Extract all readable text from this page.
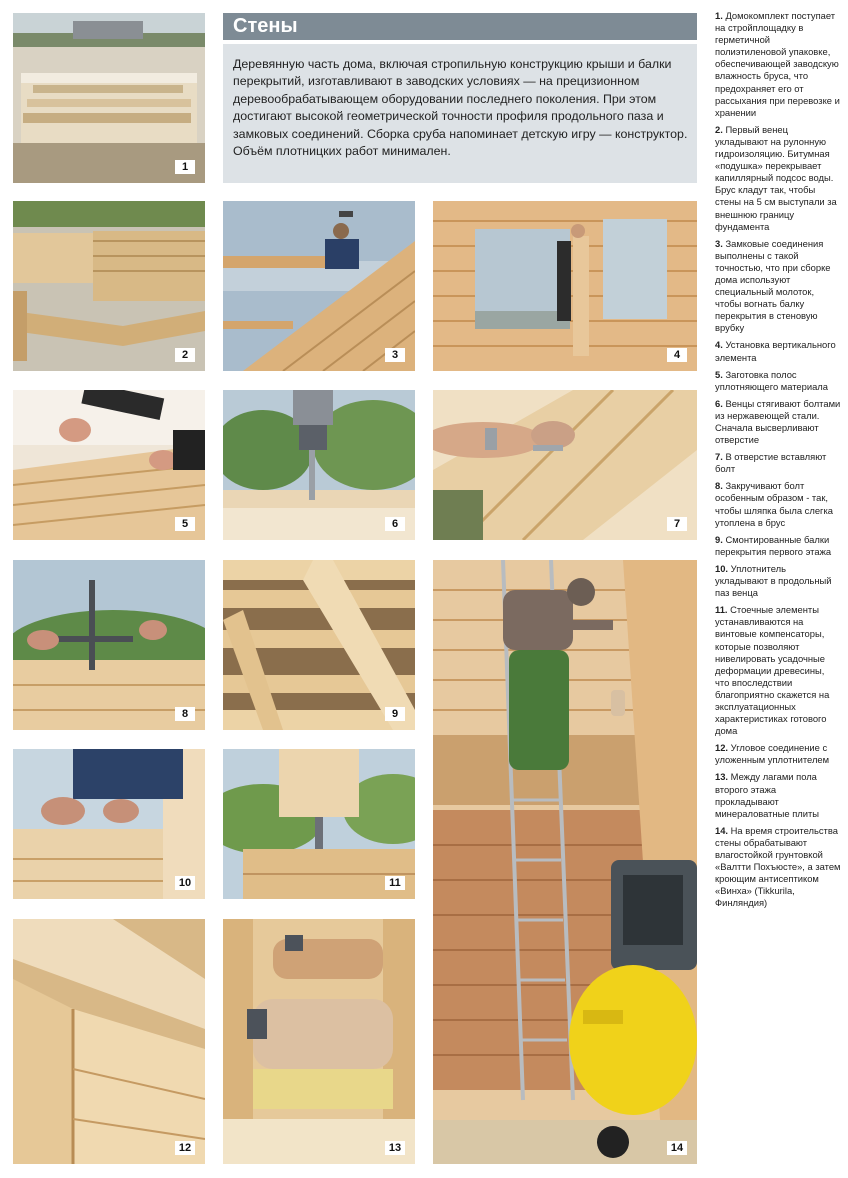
Стены
Деревянную часть дома, включая стропильную конструкцию крыши и балки перекрытий, изготавливают в заводских условиях — на прецизионном деревообрабатывающем оборудовании последнего поколения. При этом достигают высокой геометрической точности профиля продольного паза и замковых соединений. Сборка сруба напоминает детскую игру — конструктор. Объём плотницких работ минимален.
1
2	3	4
5	6	7
8	9
10	11
12	13	14

1. Домокомплект поступает на стройплощадку в герметичной полиэтиленовой упаковке, обеспечивающей заводскую влажность бруса, что предохраняет его от рассыхания при перевозке и хранении

2. Первый венец укладывают на рулонную гидроизоляцию. Битумная «подушка» перекрывает капиллярный подсос воды. Брус кладут так, чтобы стены на 5 см выступали за внешнюю границу фундамента

3. Замковые соединения выполнены с такой точностью, что при сборке дома используют специальный молоток, чтобы вогнать балку перекрытия в стеновую врубку

4. Установка вертикального элемента

5. Заготовка полос уплотняющего материала

6. Венцы стягивают болтами из нержавеющей стали. Сначала высверливают отверстие

7. В отверстие вставляют болт

8. Закручивают болт особенным образом - так, чтобы шляпка была слегка утоплена в брус

9. Смонтированные балки перекрытия первого этажа

10. Уплотнитель укладывают в продольный паз венца

11. Стоечные элементы устанавливаются на винтовые компенсаторы, которые позволяют нивелировать усадочные деформации древесины, что впоследствии благоприятно скажется на эксплуатационных характеристиках готового дома

12. Угловое соединение с уложенным уплотнителем

13. Между лагами пола второго этажа прокладывают минераловатные плиты

14. На время строительства стены обрабатывают влагостойкой грунтовкой «Валтти Похъюсте», а затем кроющим антисептиком «Винха» (Tikkurila, Финляндия)
